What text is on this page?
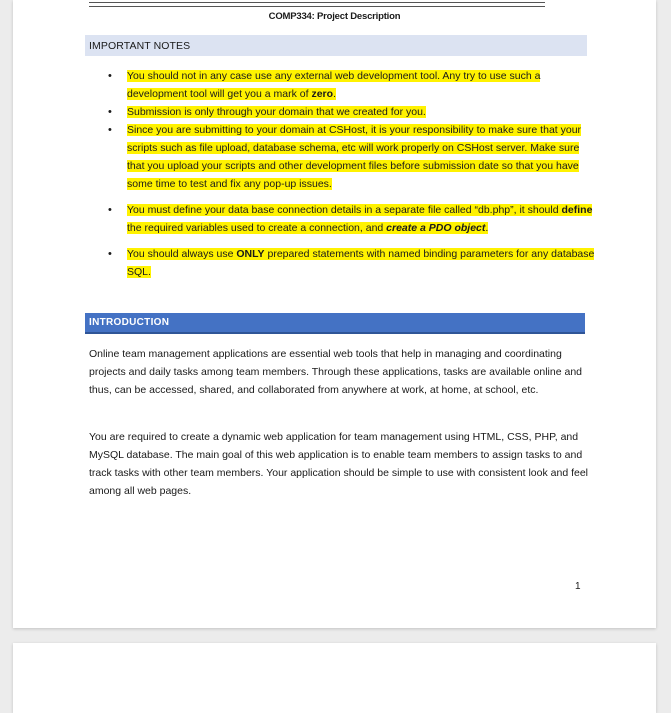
COMP334: Project Description
IMPORTANT NOTES
• You should not in any case use any external web development tool. Any try to use such a development tool will get you a mark of zero.
• Submission is only through your domain that we created for you.
• Since you are submitting to your domain at CSHost, it is your responsibility to make sure that your scripts such as file upload, database schema, etc will work properly on CSHost server. Make sure that you upload your scripts and other development files before submission date so that you have some time to test and fix any pop-up issues.
• You must define your data base connection details in a separate file called “db.php”, it should define the required variables used to create a connection, and create a PDO object.
• You should always use ONLY prepared statements with named binding parameters for any database SQL.
INTRODUCTION

Online team management applications are essential web tools that help in managing and coordinating projects and daily tasks among team members. Through these applications, tasks are available online and thus, can be accessed, shared, and collaborated from anywhere at work, at home, at school, etc.

You are required to create a dynamic web application for team management using HTML, CSS, PHP, and MySQL database. The main goal of this web application is to enable team members to assign tasks to and track tasks with other team members. Your application should be simple to use with consistent look and feel among all web pages.

1
